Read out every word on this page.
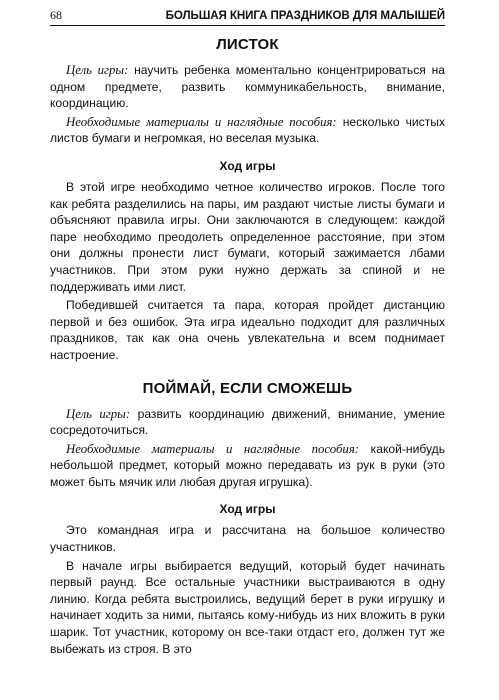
68	БОЛЬШАЯ КНИГА ПРАЗДНИКОВ ДЛЯ МАЛЫШЕЙ
ЛИСТОК

Цель игры: научить ребенка моментально концентрироваться на одном предмете, развить коммуникабельность, внимание, координацию.

Необходимые материалы и наглядные пособия: несколько чистых листов бумаги и негромкая, но веселая музыка.

Ход игры

В этой игре необходимо четное количество игроков. После того как ребята разделились на пары, им раздают чистые листы бумаги и объясняют правила игры. Они заключаются в следующем: каждой паре необходимо преодолеть определенное расстояние, при этом они должны пронести лист бумаги, который зажимается лбами участников. При этом руки нужно держать за спиной и не поддерживать ими лист.

Победившей считается та пара, которая пройдет дистанцию первой и без ошибок. Эта игра идеально подходит для различных праздников, так как она очень увлекательна и всем поднимает настроение.

ПОЙМАЙ, ЕСЛИ СМОЖЕШЬ

Цель игры: развить координацию движений, внимание, умение сосредоточиться.

Необходимые материалы и наглядные пособия: какой-нибудь небольшой предмет, который можно передавать из рук в руки (это может быть мячик или любая другая игрушка).

Ход игры

Это командная игра и рассчитана на большое количество участников.

В начале игры выбирается ведущий, который будет начинать первый раунд. Все остальные участники выстраиваются в одну линию. Когда ребята выстроились, ведущий берет в руки игрушку и начинает ходить за ними, пытаясь кому-нибудь из них вложить в руки шарик. Тот участник, которому он все-таки отдаст его, должен тут же выбежать из строя. В это
